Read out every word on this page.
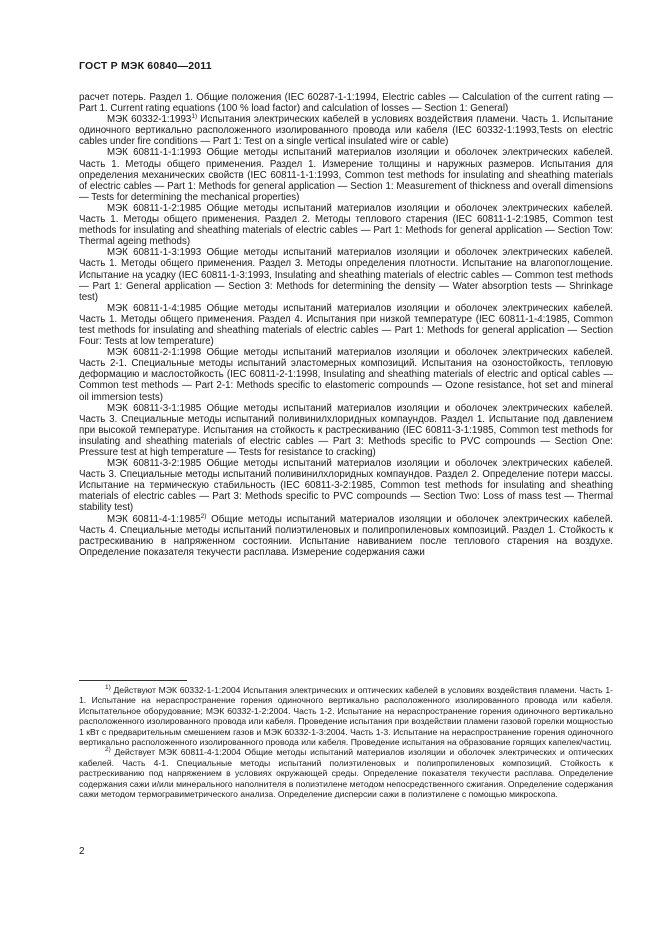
ГОСТ Р МЭК 60840—2011

расчет потерь. Раздел 1. Общие положения (IEC 60287-1-1:1994, Electric cables — Calculation of the current rating — Part 1. Current rating equations (100 % load factor) and calculation of losses — Section 1: General)

МЭК 60332-1:1993$^{1)}$ Испытания электрических кабелей в условиях воздействия пламени. Часть 1. Испытание одиночного вертикально расположенного изолированного провода или кабеля (IEC 60332-1:1993,Tests on electric cables under fire conditions — Part 1: Test on a single vertical insulated wire or cable)

МЭК 60811-1-1:1993 Общие методы испытаний материалов изоляции и оболочек электрических кабелей. Часть 1. Методы общего применения. Раздел 1. Измерение толщины и наружных размеров. Испытания для определения механических свойств (IEC 60811-1-1:1993, Common test methods for insulating and sheathing materials of electric cables — Part 1: Methods for general application — Section 1: Measurement of thickness and overall dimensions — Tests for determining the mechanical properties)

МЭК 60811-1-2:1985 Общие методы испытаний материалов изоляции и оболочек электрических кабелей. Часть 1. Методы общего применения. Раздел 2. Методы теплового старения (IEC 60811-1-2:1985, Common test methods for insulating and sheathing materials of electric cables — Part 1: Methods for general application — Section Tow: Thermal ageing methods)

МЭК 60811-1-3:1993 Общие методы испытаний материалов изоляции и оболочек электрических кабелей. Часть 1. Методы общего применения. Раздел 3. Методы определения плотности. Испытание на влагопоглощение. Испытание на усадку (IEC 60811-1-3:1993, Insulating and sheathing materials of electric cables — Common test methods — Part 1: General application — Section 3: Methods for determining the density — Water absorption tests — Shrinkage test)

МЭК 60811-1-4:1985 Общие методы испытаний материалов изоляции и оболочек электрических кабелей. Часть 1. Методы общего применения. Раздел 4. Испытания при низкой температуре (IEC 60811-1-4:1985, Common test methods for insulating and sheathing materials of electric cables — Part 1: Methods for general application — Section Four: Tests at low temperature)

МЭК 60811-2-1:1998 Общие методы испытаний материалов изоляции и оболочек электрических кабелей. Часть 2-1. Специальные методы испытаний эластомерных композиций. Испытания на озоностойкость, тепловую деформацию и маслостойкость (IEC 60811-2-1:1998, Insulating and sheathing materials of electric and optical cables — Common test methods — Part 2-1: Methods specific to elastomeric compounds — Ozone resistance, hot set and mineral oil immersion tests)

МЭК 60811-3-1:1985 Общие методы испытаний материалов изоляции и оболочек электрических кабелей. Часть 3. Специальные методы испытаний поливинилхлоридных компаундов. Раздел 1. Испытание под давлением при высокой температуре. Испытания на стойкость к растрескиванию (IEC 60811-3-1:1985, Common test methods for insulating and sheathing materials of electric cables — Part 3: Methods specific to PVC compounds — Section One: Pressure test at high temperature — Tests for resistance to cracking)

МЭК 60811-3-2:1985 Общие методы испытаний материалов изоляции и оболочек электрических кабелей. Часть 3. Специальные методы испытаний поливинилхлоридных компаундов. Раздел 2. Определение потери массы. Испытание на термическую стабильность (IEC 60811-3-2:1985, Common test methods for insulating and sheathing materials of electric cables — Part 3: Methods specific to PVC compounds — Section Two: Loss of mass test — Thermal stability test)

МЭК 60811-4-1:1985$^{2)}$ Общие методы испытаний материалов изоляции и оболочек электрических кабелей. Часть 4. Специальные методы испытаний полиэтиленовых и полипропиленовых композиций. Раздел 1. Стойкость к растрескиванию в напряженном состоянии. Испытание навиванием после теплового старения на воздухе. Определение показателя текучести расплава. Измерение содержания сажи

$^{1)}$ Действуют МЭК 60332-1-1:2004 Испытания электрических и оптических кабелей в условиях воздействия пламени. Часть 1-1. Испытание на нераспространение горения одиночного вертикально расположенного изолированного провода или кабеля. Испытательное оборудование; МЭК 60332-1-2:2004. Часть 1-2. Испытание на нераспространение горения одиночного вертикально расположенного изолированного провода или кабеля. Проведение испытания при воздействии пламени газовой горелки мощностью 1 кВт с предварительным смешением газов и МЭК 60332-1-3:2004. Часть 1-3. Испытание на нераспространение горения одиночного вертикально расположенного изолированного провода или кабеля. Проведение испытания на образование горящих капелек/частиц.

$^{2)}$ Действует МЭК 60811-4-1:2004 Общие методы испытаний материалов изоляции и оболочек электрических и оптических кабелей. Часть 4-1. Специальные методы испытаний полиэтиленовых и полипропиленовых композиций. Стойкость к растрескиванию под напряжением в условиях окружающей среды. Определение показателя текучести расплава. Определение содержания сажи и/или минерального наполнителя в полиэтилене методом непосредственного сжигания. Определение содержания сажи методом термогравиметрического анализа. Определение дисперсии сажи в полиэтилене с помощью микроскопа.

2
